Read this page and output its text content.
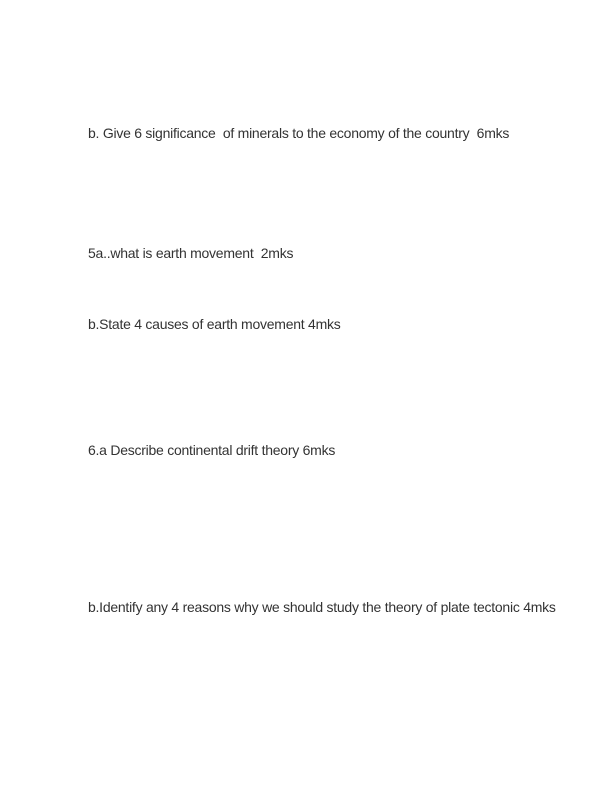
b. Give 6 significance  of minerals to the economy of the country  6mks
5a..what is earth movement  2mks
b.State 4 causes of earth movement 4mks
6.a Describe continental drift theory 6mks
b.Identify any 4 reasons why we should study the theory of plate tectonic 4mks
